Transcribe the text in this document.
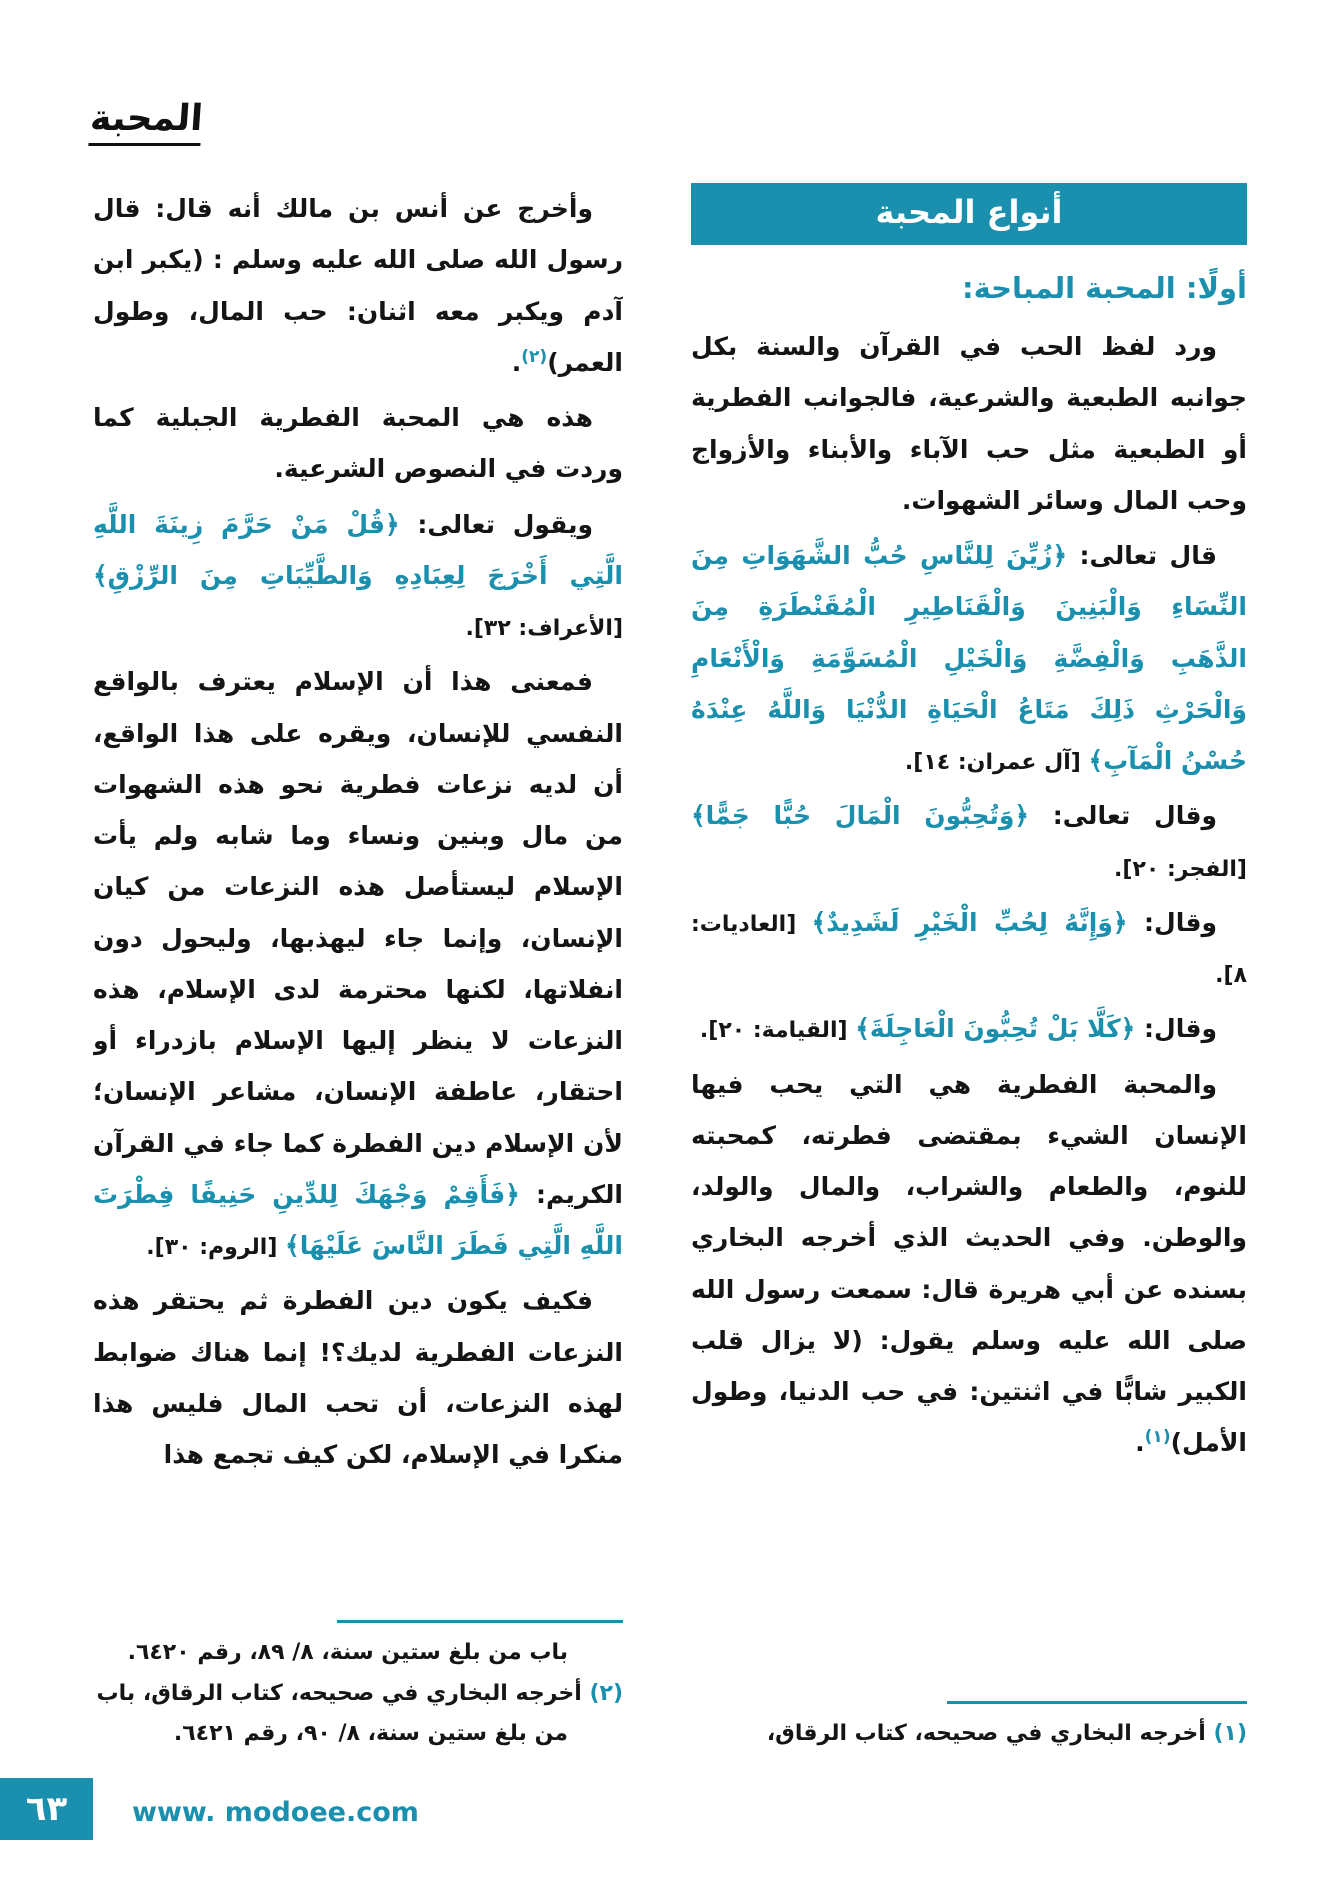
المحبة
أنواع المحبة
أولًا: المحبة المباحة:

ورد لفظ الحب في القرآن والسنة بكل جوانبه الطبعية والشرعية، فالجوانب الفطرية أو الطبعية مثل حب الآباء والأبناء والأزواج وحب المال وسائر الشهوات.

قال تعالى: ﴿زُيِّنَ لِلنَّاسِ حُبُّ الشَّهَوَاتِ مِنَ النِّسَاءِ وَالْبَنِينَ وَالْقَنَاطِيرِ الْمُقَنْطَرَةِ مِنَ الذَّهَبِ وَالْفِضَّةِ وَالْخَيْلِ الْمُسَوَّمَةِ وَالْأَنْعَامِ وَالْحَرْثِ ذَلِكَ مَتَاعُ الْحَيَاةِ الدُّنْيَا وَاللَّهُ عِنْدَهُ حُسْنُ الْمَآبِ﴾ [آل عمران: ١٤].

وقال تعالى: ﴿وَتُحِبُّونَ الْمَالَ حُبًّا جَمًّا﴾ [الفجر: ٢٠].

وقال: ﴿وَإِنَّهُ لِحُبِّ الْخَيْرِ لَشَدِيدٌ﴾ [العاديات: ٨].

وقال: ﴿كَلَّا بَلْ تُحِبُّونَ الْعَاجِلَةَ﴾ [القيامة: ٢٠].

والمحبة الفطرية هي التي يحب فيها الإنسان الشيء بمقتضى فطرته، كمحبته للنوم، والطعام والشراب، والمال والولد، والوطن. وفي الحديث الذي أخرجه البخاري بسنده عن أبي هريرة قال: سمعت رسول الله صلى الله عليه وسلم يقول: (لا يزال قلب الكبير شابًّا في اثنتين: في حب الدنيا، وطول الأمل)$^{(١)}$.

(١) أخرجه البخاري في صحيحه، كتاب الرقاق،

وأخرج عن أنس بن مالك أنه قال: قال رسول الله صلى الله عليه وسلم : (يكبر ابن آدم ويكبر معه اثنان: حب المال، وطول العمر)$^{(٢)}$.

هذه هي المحبة الفطرية الجبلية كما وردت في النصوص الشرعية.

ويقول تعالى: ﴿قُلْ مَنْ حَرَّمَ زِينَةَ اللَّهِ الَّتِي أَخْرَجَ لِعِبَادِهِ وَالطَّيِّبَاتِ مِنَ الرِّزْقِ﴾ [الأعراف: ٣٢].

فمعنى هذا أن الإسلام يعترف بالواقع النفسي للإنسان، ويقره على هذا الواقع، أن لديه نزعات فطرية نحو هذه الشهوات من مال وبنين ونساء وما شابه ولم يأت الإسلام ليستأصل هذه النزعات من كيان الإنسان، وإنما جاء ليهذبها، وليحول دون انفلاتها، لكنها محترمة لدى الإسلام، هذه النزعات لا ينظر إليها الإسلام بازدراء أو احتقار، عاطفة الإنسان، مشاعر الإنسان؛ لأن الإسلام دين الفطرة كما جاء في القرآن الكريم: ﴿فَأَقِمْ وَجْهَكَ لِلدِّينِ حَنِيفًا فِطْرَتَ اللَّهِ الَّتِي فَطَرَ النَّاسَ عَلَيْهَا﴾ [الروم: ٣٠].

فكيف يكون دين الفطرة ثم يحتقر هذه النزعات الفطرية لديك؟! إنما هناك ضوابط لهذه النزعات، أن تحب المال فليس هذا منكرا في الإسلام، لكن كيف تجمع هذا

باب من بلغ ستين سنة، ٨/ ٨٩، رقم ٦٤٢٠.

(٢) أخرجه البخاري في صحيحه، كتاب الرقاق، باب من بلغ ستين سنة، ٨/ ٩٠، رقم ٦٤٢١.

٦٣ www. modoee.com
